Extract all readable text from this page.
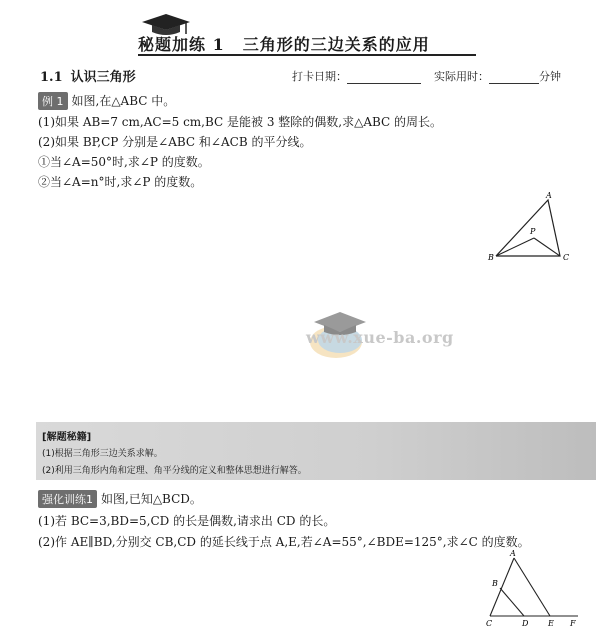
秘题加练 1 三角形的三边关系的应用
1.1 认识三角形	打卡日期：	实际用时：	分钟
例 1 如图,在△ABC 中。
(1)如果 AB=7 cm,AC=5 cm,BC 是能被 3 整除的偶数,求△ABC 的周长。
(2)如果 BP,CP 分别是∠ABC 和∠ACB 的平分线。
①当∠A=50°时,求∠P 的度数。
②当∠A=n°时,求∠P 的度数。
A
P
B	C
www.xue-ba.org
[解题秘籍]
(1)根据三角形三边关系求解。
(2)利用三角形内角和定理、角平分线的定义和整体思想进行解答。
强化训练1 如图,已知△BCD。
(1)若 BC=3,BD=5,CD 的长是偶数,请求出 CD 的长。
(2)作 AE∥BD,分别交 CB,CD 的延长线于点 A,E,若∠A=55°,∠BDE=125°,求∠C 的度数。
A
B
C	D E F
